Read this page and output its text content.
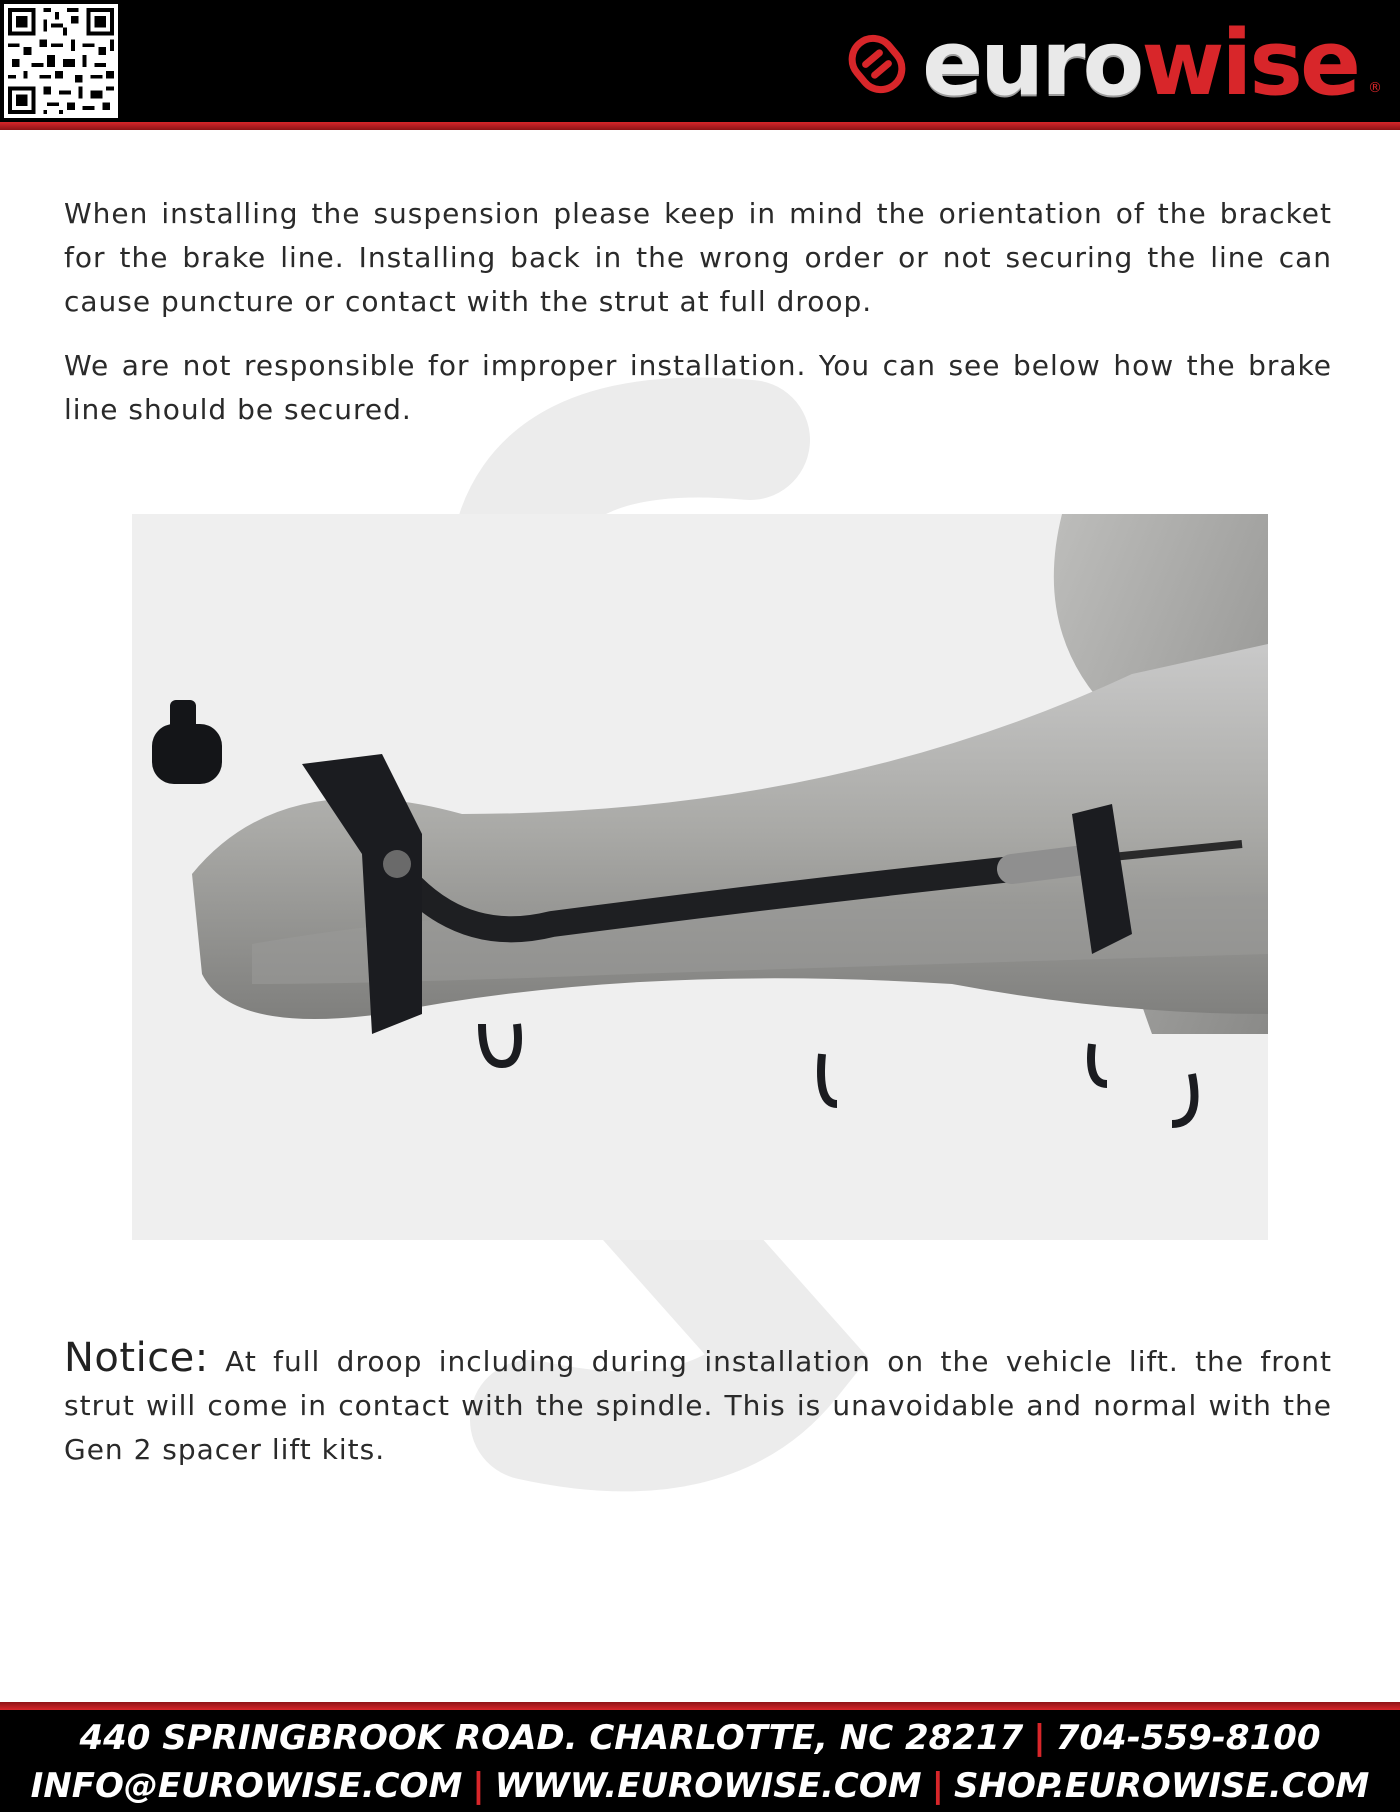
eurowise ®

When installing the suspension please keep in mind the orientation of the bracket for the brake line. Installing back in the wrong order or not securing the line can cause puncture or contact with the strut at full droop.

We are not responsible for improper installation. You can see below how the brake line should be secured.

Notice: At full droop including during installation on the vehicle lift. the front strut will come in contact with the spindle. This is unavoidable and normal with the Gen 2 spacer lift kits.

440 SPRINGBROOK ROAD. CHARLOTTE, NC 28217 | 704-559-8100
INFO@EUROWISE.COM | WWW.EUROWISE.COM | SHOP.EUROWISE.COM
